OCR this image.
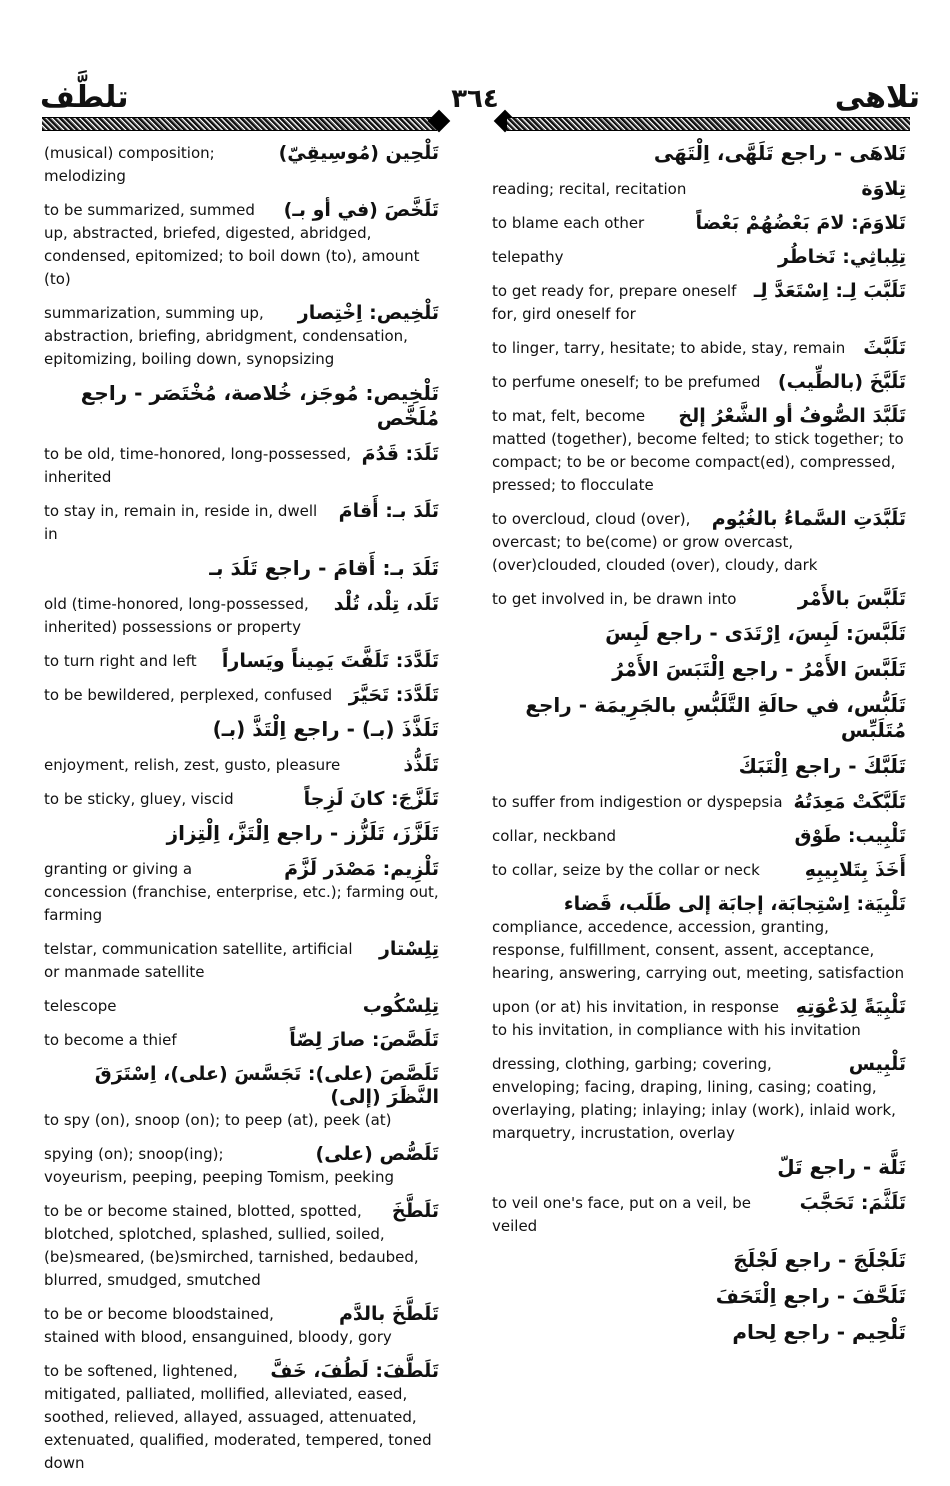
تلطَّف	٣٦٤	تلاهى
تَلْحِين (مُوسِيقِيّ)
(musical) composition; melodizing
تَلَخَّصَ (في أو بـ)
to be summarized, summed up, abstracted, briefed, digested, abridged, condensed, epitomized; to boil down (to), amount (to)
تَلْخِيص: اِخْتِصار
summarization, summing up, abstraction, briefing, abridgment, condensation, epitomizing, boiling down, synopsizing
تَلْخِيص: مُوجَز، خُلاصة، مُخْتَصَر - راجع مُلَخَّص
تَلَدَ: قَدُمَ
to be old, time-honored, long-possessed, inherited
تَلَدَ بـ: أَقامَ
to stay in, remain in, reside in, dwell in
تَلَدَ بـ: أَقامَ - راجع تَلَدَ بـ
تَلَد، تِلْد، تُلْد
old (time-honored, long-possessed, inherited) possessions or property
تَلَدَّدَ: تَلَفَّتَ يَمِيناً ويَساراً
to turn right and left
تَلَدَّدَ: تَحَيَّرَ
to be bewildered, perplexed, confused
تَلَذَّذَ (بـ) - راجع اِلْتَذَّ (بـ)
تَلَذُّذ
enjoyment, relish, zest, gusto, pleasure
تَلَزَّجَ: كانَ لَزِجاً
to be sticky, gluey, viscid
تَلَزَّزَ، تَلَزُّز - راجع اِلْتَزَّ، اِلْتِزاز
تَلْزِيم: مَصْدَر لَزَّمَ
granting or giving a concession (franchise, enterprise, etc.); farming out, farming
تِلِسْتار
telstar, communication satellite, artificial or manmade satellite
تِلِسْكُوب
telescope
تَلَصَّصَ: صارَ لِصّاً
to become a thief
تَلَصَّصَ (على): تَجَسَّسَ (على)، اِسْتَرَقَ النَّظَرَ (إلى)
to spy (on), snoop (on); to peep (at), peek (at)
تَلَصُّص (على)
spying (on); snoop(ing); voyeurism, peeping, peeping Tomism, peeking
تَلَطَّخَ
to be or become stained, blotted, spotted, blotched, splotched, splashed, sullied, soiled, (be)smeared, (be)smirched, tarnished, bedaubed, blurred, smudged, smutched
تَلَطَّخَ بالدَّم
to be or become bloodstained, stained with blood, ensanguined, bloody, gory
تَلَطَّفَ: لَطُفَ، خَفَّ
to be softened, lightened, mitigated, palliated, mollified, alleviated, eased, soothed, relieved, allayed, assuaged, attenuated, extenuated, qualified, moderated, tempered, toned down
تَلاهَى - راجع تَلَهَّى، اِلْتَهَى
تِلاوَة
reading; recital, recitation
تَلاوَمَ: لامَ بَعْضُهُمْ بَعْضاً
to blame each other
تِلِباثِي: تَخاطُر
telepathy
تَلَبَّبَ لِـ: اِسْتَعَدَّ لِـ
to get ready for, prepare oneself for, gird oneself for
تَلَبَّثَ
to linger, tarry, hesitate; to abide, stay, remain
تَلَبَّخَ (بالطِّيب)
to perfume oneself; to be prefumed
تَلَبَّدَ الصُّوفُ أو الشَّعْرُ إلخ
to mat, felt, become matted (together), become felted; to stick together; to compact; to be or become compact(ed), compressed, pressed; to flocculate
تَلَبَّدَتِ السَّماءُ بالغُيُوم
to overcloud, cloud (over), overcast; to be(come) or grow overcast, (over)clouded, clouded (over), cloudy, dark
تَلَبَّسَ بالأَمْر
to get involved in, be drawn into
تَلَبَّسَ: لَبِسَ، اِرْتَدَى - راجع لَبِسَ
تَلَبَّسَ الأَمْرُ - راجع اِلْتَبَسَ الأَمْرُ
تَلَبُّس، في حالَةِ التَّلَبُّسِ بالجَرِيمَة - راجع مُتَلَبِّس
تَلَبَّكَ - راجع اِلْتَبَكَ
تَلَبَّكَتْ مَعِدَتُهُ
to suffer from indigestion or dyspepsia
تَلْبِيب: طَوْق
collar, neckband
أَخَذَ بِتَلابِيبِهِ
to collar, seize by the collar or neck
تَلْبِيَة: اِسْتِجابَة، إجابَة إلى طَلَب، قَضاء
compliance, accedence, accession, granting, response, fulfillment, consent, assent, acceptance, hearing, answering, carrying out, meeting, satisfaction
تَلْبِيَةً لِدَعْوَتِهِ
upon (or at) his invitation, in response to his invitation, in compliance with his invitation
تَلْبِيس
dressing, clothing, garbing; covering, enveloping; facing, draping, lining, casing; coating, overlaying, plating; inlaying; inlay (work), inlaid work, marquetry, incrustation, overlay
تَلَّة - راجع تَلّ
تَلَثَّمَ: تَحَجَّبَ
to veil one's face, put on a veil, be veiled
تَلَجْلَجَ - راجع لَجْلَجَ
تَلَحَّفَ - راجع اِلْتَحَفَ
تَلْحِيم - راجع لِحام
